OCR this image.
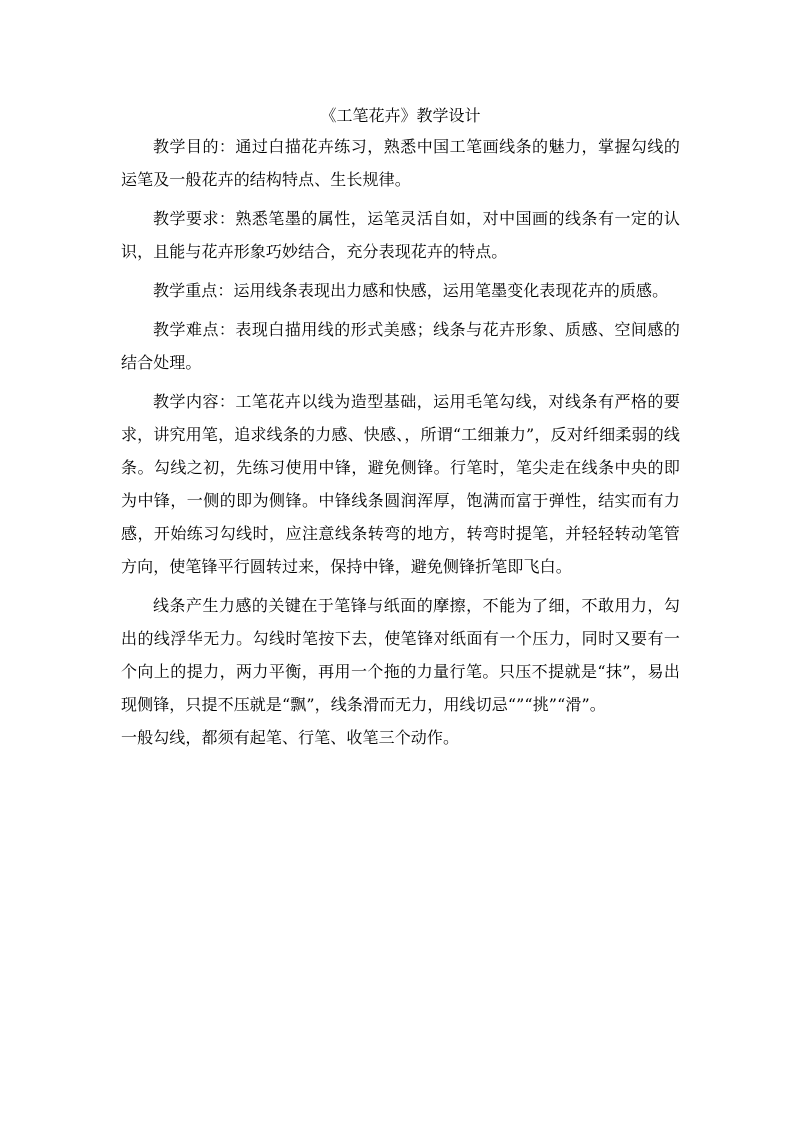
《工笔花卉》教学设计

教学目的：通过白描花卉练习，熟悉中国工笔画线条的魅力，掌握勾线的运笔及一般花卉的结构特点、生长规律。

教学要求：熟悉笔墨的属性，运笔灵活自如，对中国画的线条有一定的认识，且能与花卉形象巧妙结合，充分表现花卉的特点。

教学重点：运用线条表现出力感和快感，运用笔墨变化表现花卉的质感。

教学难点：表现白描用线的形式美感；线条与花卉形象、质感、空间感的结合处理。

教学内容：工笔花卉以线为造型基础，运用毛笔勾线，对线条有严格的要求，讲究用笔，追求线条的力感、快感、，所谓“工细兼力”，反对纤细柔弱的线条。勾线之初，先练习使用中锋，避免侧锋。行笔时，笔尖走在线条中央的即为中锋，一侧的即为侧锋。中锋线条圆润浑厚，饱满而富于弹性，结实而有力感，开始练习勾线时，应注意线条转弯的地方，转弯时提笔，并轻轻转动笔管方向，使笔锋平行圆转过来，保持中锋，避免侧锋折笔即飞白。

线条产生力感的关键在于笔锋与纸面的摩擦，不能为了细，不敢用力，勾出的线浮华无力。勾线时笔按下去，使笔锋对纸面有一个压力，同时又要有一个向上的提力，两力平衡，再用一个拖的力量行笔。只压不提就是“抹”，易出现侧锋，只提不压就是“飘”，线条滑而无力，用线切忌“”“挑”“滑”。

一般勾线，都须有起笔、行笔、收笔三个动作。
